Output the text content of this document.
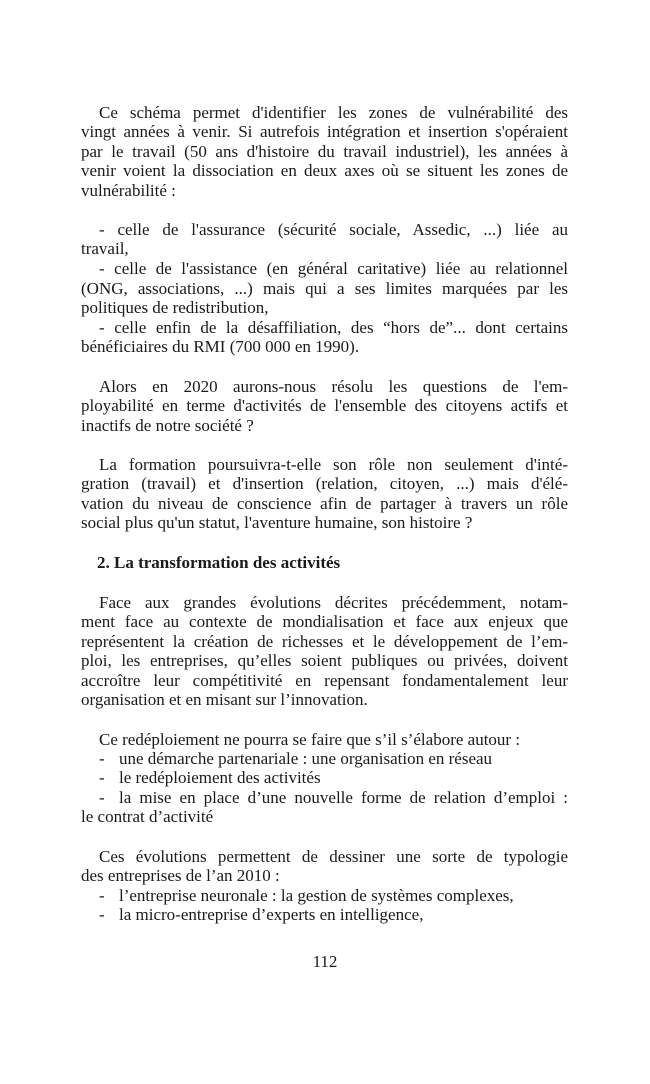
Ce schéma permet d'identifier les zones de vulnérabilité des
vingt années à venir. Si autrefois intégration et insertion s'opéraient
par le travail (50 ans d'histoire du travail industriel), les années à
venir voient la dissociation en deux axes où se situent les zones de
vulnérabilité :
- celle de l'assurance (sécurité sociale, Assedic, ...) liée au
travail,
- celle de l'assistance (en général caritative) liée au relationnel
(ONG, associations, ...) mais qui a ses limites marquées par les
politiques de redistribution,
- celle enfin de la désaffiliation, des “hors de”... dont certains
bénéficiaires du RMI (700 000 en 1990).
Alors en 2020 aurons-nous résolu les questions de l'em-
ployabilité en terme d'activités de l'ensemble des citoyens actifs et
inactifs de notre société ?
La formation poursuivra-t-elle son rôle non seulement d'inté-
gration (travail) et d'insertion (relation, citoyen, ...) mais d'élé-
vation du niveau de conscience afin de partager à travers un rôle
social plus qu'un statut, l'aventure humaine, son histoire ?
2. La transformation des activités
Face aux grandes évolutions décrites précédemment, notam-
ment face au contexte de mondialisation et face aux enjeux que
représentent la création de richesses et le développement de l’em-
ploi, les entreprises, qu’elles soient publiques ou privées, doivent
accroître leur compétitivité en repensant fondamentalement leur
organisation et en misant sur l’innovation.
Ce redéploiement ne pourra se faire que s’il s’élabore autour :
- une démarche partenariale : une organisation en réseau
- le redéploiement des activités
- la mise en place d’une nouvelle forme de relation d’emploi :
le contrat d’activité
Ces évolutions permettent de dessiner une sorte de typologie
des entreprises de l’an 2010 :
- l’entreprise neuronale : la gestion de systèmes complexes,
- la micro-entreprise d’experts en intelligence,
112
